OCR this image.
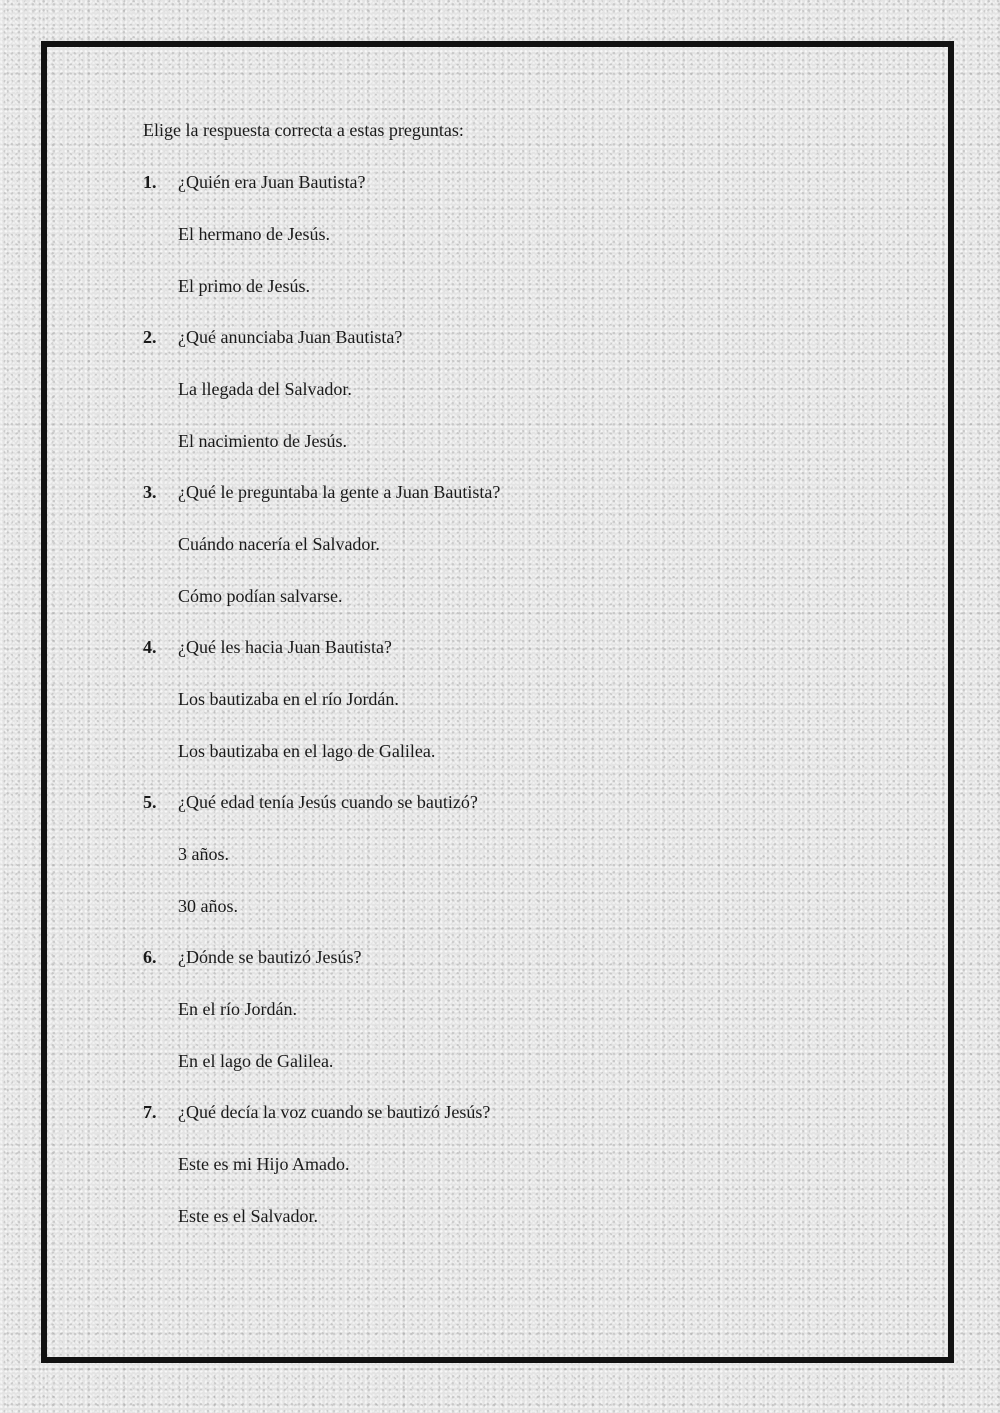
Elige la respuesta correcta a estas preguntas:
1.	¿Quién era Juan Bautista?
El hermano de Jesús.
El primo de Jesús.
2.	¿Qué anunciaba Juan Bautista?
La llegada del Salvador.
El nacimiento de Jesús.
3.	¿Qué le preguntaba la gente a Juan Bautista?
Cuándo nacería el Salvador.
Cómo podían salvarse.
4.	¿Qué les hacia Juan Bautista?
Los bautizaba en el río Jordán.
Los bautizaba en el lago de Galilea.
5.	¿Qué edad tenía Jesús cuando se bautizó?
3 años.
30 años.
6.	¿Dónde se bautizó Jesús?
En el río Jordán.
En el lago de Galilea.
7.	¿Qué decía la voz cuando se bautizó Jesús?
Este es mi Hijo Amado.
Este es el Salvador.
